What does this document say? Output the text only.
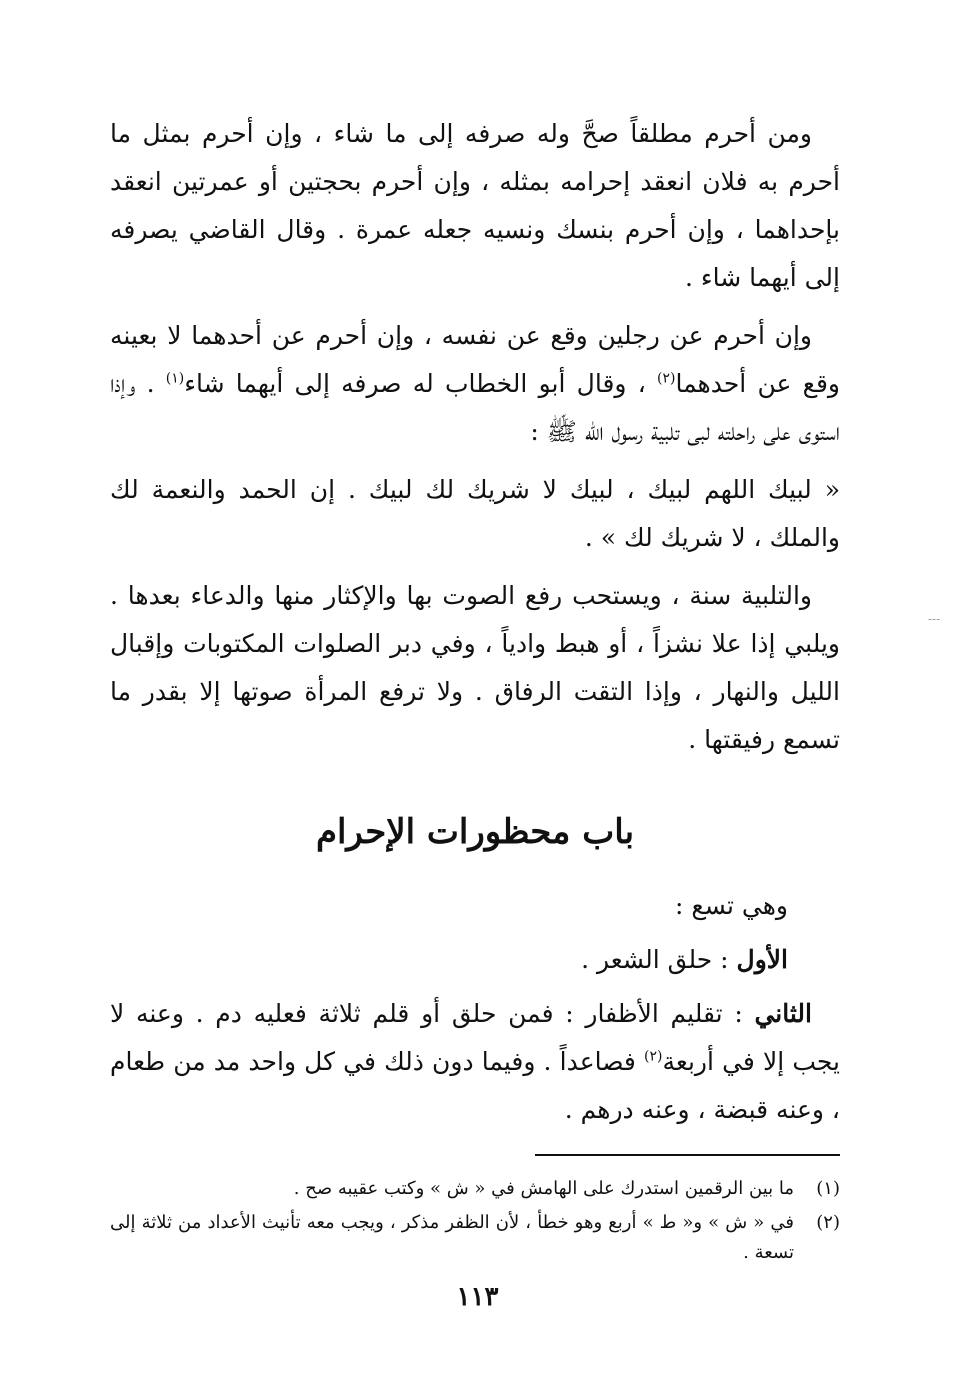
ومن أحرم مطلقاً صحَّ وله صرفه إلى ما شاء ، وإن أحرم بمثل ما أحرم به فلان انعقد إحرامه بمثله ، وإن أحرم بحجتين أو عمرتين انعقد بإحداهما ، وإن أحرم بنسك ونسيه جعله عمرة . وقال القاضي يصرفه إلى أيهما شاء .

وإن أحرم عن رجلين وقع عن نفسه ، وإن أحرم عن أحدهما لا بعينه وقع عن أحدهما$^{(٢)}$ ، وقال أبو الخطاب له صرفه إلى أيهما شاء$^{(١)}$ . وإذا استوى على راحلته لبى تلبية رسول الله ﷺ :

« لبيك اللهم لبيك ، لبيك لا شريك لك لبيك . إن الحمد والنعمة لك والملك ، لا شريك لك » .

والتلبية سنة ، ويستحب رفع الصوت بها والإكثار منها والدعاء بعدها . ويلبي إذا علا نشزاً ، أو هبط وادياً ، وفي دبر الصلوات المكتوبات وإقبال الليل والنهار ، وإذا التقت الرفاق . ولا ترفع المرأة صوتها إلا بقدر ما تسمع رفيقتها .

باب محظورات الإحرام

وهي تسع :

الأول : حلق الشعر .

الثاني : تقليم الأظفار : فمن حلق أو قلم ثلاثة فعليه دم . وعنه لا يجب إلا في أربعة$^{(٢)}$ فصاعداً . وفيما دون ذلك في كل واحد مد من طعام ، وعنه قبضة ، وعنه درهم .

(١)
ما بين الرقمين استدرك على الهامش في « ش » وكتب عقيبه صح .
(٢)
في « ش » و« ط » أربع وهو خطأ ، لأن الظفر مذكر ، ويجب معه تأنيث الأعداد من ثلاثة إلى تسعة .
١١٣
---
